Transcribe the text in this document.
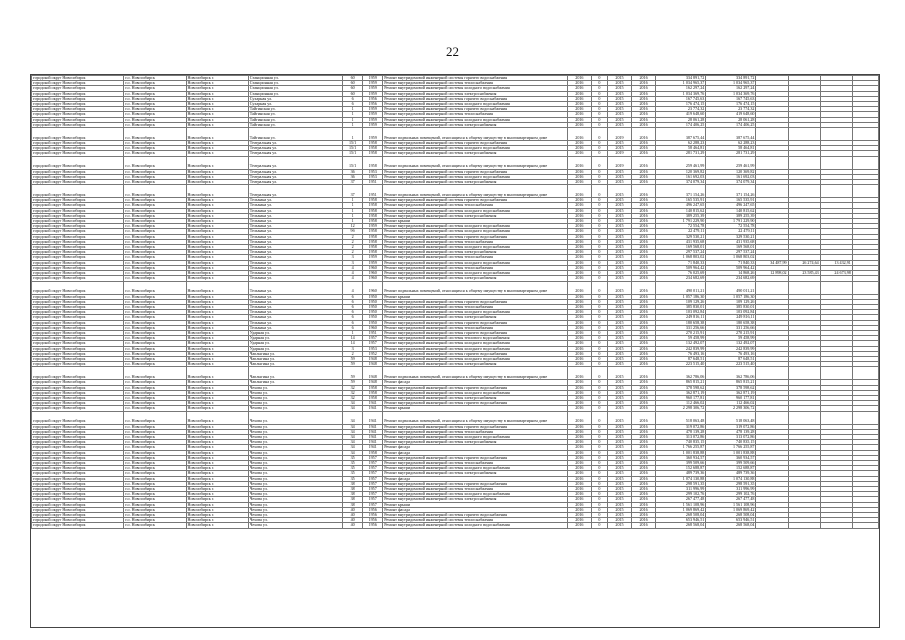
22
городской округ Новосибирск	г.о. Новосибирск	Новосибирск г.	Станционная ул.	60	1959	Ремонт внутридомовой инженерной системы горячего водоснабжения	2016	0	2015	2016	334 891,72	334 891,72				
городской округ Новосибирск	г.о. Новосибирск	Новосибирск г.	Станционная ул.	60	1959	Ремонт внутридомовой инженерной системы теплоснабжения	2016	0	2015	2016	1 034 965,37	1 034 965,37				
городской округ Новосибирск	г.о. Новосибирск	Новосибирск г.	Станционная ул.	60	1959	Ремонт внутридомовой инженерной системы холодного водоснабжения	2016	0	2015	2016	162 297,24	162 297,24				
городской округ Новосибирск	г.о. Новосибирск	Новосибирск г.	Станционная ул.	60	1959	Ремонт внутридомовой инженерной системы электроснабжения	2016	0	2015	2016	1 034 369,76	1 034 369,76				
городской округ Новосибирск	г.о. Новосибирск	Новосибирск г.	Сухарная ул.	6	1956	Ремонт внутридомовой инженерной системы горячего водоснабжения	2016	0	2015	2016	167 745,63	167 745,63				
городской округ Новосибирск	г.о. Новосибирск	Новосибирск г.	Сухарная ул.	6	1956	Ремонт внутридомовой инженерной системы холодного водоснабжения	2016	0	2015	2016	176 474,15	176 474,15				
городской округ Новосибирск	г.о. Новосибирск	Новосибирск г.	Тайгинская ул.	1	1959	Ремонт внутридомовой инженерной системы горячего водоснабжения	2016	0	2015	2016	23 774,32	23 774,32				
городской округ Новосибирск	г.о. Новосибирск	Новосибирск г.	Тайгинская ул.	1	1959	Ремонт внутридомовой инженерной системы теплоснабжения	2016	0	2015	2016	419 648,60	419 648,60				
городской округ Новосибирск	г.о. Новосибирск	Новосибирск г.	Тайгинская ул.	1	1959	Ремонт внутридомовой инженерной системы холодного водоснабжения	2016	0	2015	2016	28 061,28	28 061,28				
городской округ Новосибирск	г.о. Новосибирск	Новосибирск г.	Тайгинская ул.	1	1959	Ремонт внутридомовой инженерной системы электроснабжения	2016	0	2015	2016	174 406,25	174 406,25				
городской округ Новосибирск	г.о. Новосибирск	Новосибирск г.	Тайгинская ул.	1	1959	Ремонт подвальных помещений, относящихся к общему имуществу в многоквартирном доме	2016	0	2019	2016	387 675,44	387 675,44				
городской округ Новосибирск	г.о. Новосибирск	Новосибирск г.	Театральная ул.	15/1	1958	Ремонт внутридомовой инженерной системы горячего водоснабжения	2016	0	2015	2016	62 288,23	62 288,23				
городской округ Новосибирск	г.о. Новосибирск	Новосибирск г.	Театральная ул.	15/1	1958	Ремонт внутридомовой инженерной системы холодного водоснабжения	2016	0	2015	2016	58 464,81	58 464,81				
городской округ Новосибирск	г.о. Новосибирск	Новосибирск г.	Театральная ул.	15/1	1958	Ремонт внутридомовой инженерной системы электроснабжения	2016	0	2019	2016	281 731,29	281 731,29				
городской округ Новосибирск	г.о. Новосибирск	Новосибирск г.	Театральная ул.	15/1	1958	Ремонт подвальных помещений, относящихся к общему имуществу в многоквартирном доме	2016	0	2019	2016	259 461,99	259 461,99				
городской округ Новосибирск	г.о. Новосибирск	Новосибирск г.	Театральная ул.	36	1953	Ремонт внутридомовой инженерной системы горячего водоснабжения	2016	0	2015	2016	120 369,82	120 369,82				
городской округ Новосибирск	г.о. Новосибирск	Новосибирск г.	Театральная ул.	36	1953	Ремонт внутридомовой инженерной системы холодного водоснабжения	2016	0	2015	2016	161 692,03	161 692,03				
городской округ Новосибирск	г.о. Новосибирск	Новосибирск г.	Театральная ул.	37	1951	Ремонт внутридомовой инженерной системы электроснабжения	2016	0	2015	2016	374 079,34	374 079,34				
городской округ Новосибирск	г.о. Новосибирск	Новосибирск г.	Театральная ул.	37	1951	Ремонт подвальных помещений, относящихся к общему имуществу в многоквартирном доме	2016	0	2015	2016	371 154,26	371 154,26				
городской округ Новосибирск	г.о. Новосибирск	Новосибирск г.	Тельмана ул.	1	1958	Ремонт внутридомовой инженерной системы горячего водоснабжения	2016	0	2015	2016	165 535,91	165 535,91				
городской округ Новосибирск	г.о. Новосибирск	Новосибирск г.	Тельмана ул.	1	1958	Ремонт внутридомовой инженерной системы теплоснабжения	2016	0	2015	2016	496 247,65	496 247,65				
городской округ Новосибирск	г.о. Новосибирск	Новосибирск г.	Тельмана ул.	1	1958	Ремонт внутридомовой инженерной системы холодного водоснабжения	2016	0	2015	2016	140 815,62	140 815,62				
городской округ Новосибирск	г.о. Новосибирск	Новосибирск г.	Тельмана ул.	1	1958	Ремонт внутридомовой инженерной системы электроснабжения	2016	0	2015	2016	389 255,39	389 255,39				
городской округ Новосибирск	г.о. Новосибирск	Новосибирск г.	Тельмана ул.	1	1958	Ремонт крыши	2016	0	2015	2016	1 791 229,90	1 791 229,90				
городской округ Новосибирск	г.о. Новосибирск	Новосибирск г.	Тельмана ул.	12	1959	Ремонт внутридомовой инженерной системы холодного водоснабжения	2016	0	2015	2016	72 554,78	72 554,78				
городской округ Новосибирск	г.о. Новосибирск	Новосибирск г.	Тельмана ул.	9б	1958	Ремонт внутридомовой инженерной системы холодного водоснабжения	2016	0	2015	2016	22 479,11	22 479,11				
городской округ Новосибирск	г.о. Новосибирск	Новосибирск г.	Тельмана ул.	2	1958	Ремонт внутридомовой инженерной системы горячего водоснабжения	2016	0	2015	2016	329 530,21	329 530,21				
городской округ Новосибирск	г.о. Новосибирск	Новосибирск г.	Тельмана ул.	2	1958	Ремонт внутридомовой инженерной системы теплоснабжения	2016	0	2015	2016	431 935,68	431 935,68				
городской округ Новосибирск	г.о. Новосибирск	Новосибирск г.	Тельмана ул.	2	1958	Ремонт внутридомовой инженерной системы холодного водоснабжения	2016	0	2015	2016	169 568,01	169 568,01				
городской округ Новосибирск	г.о. Новосибирск	Новосибирск г.	Тельмана ул.	2	1958	Ремонт внутридомовой инженерной системы электроснабжения	2016	0	2015	2016	297 537,24	297 537,24				
городской округ Новосибирск	г.о. Новосибирск	Новосибирск г.	Тельмана ул.	3	1959	Ремонт внутридомовой инженерной системы теплоснабжения	2016	0	2015	2016	1 068 803,02	1 068 803,02				
городской округ Новосибирск	г.о. Новосибирск	Новосибирск г.	Тельмана ул.	3	1959	Ремонт внутридомовой инженерной системы холодного водоснабжения	2016	0	2015	2016	71 840,33	71 840,33	34 487,99	26 274,64	13 432,91	
городской округ Новосибирск	г.о. Новосибирск	Новосибирск г.	Тельмана ул.	4	1960	Ремонт внутридомовой инженерной системы теплоснабжения	2016	0	2015	2016	509 964,42	509 964,42				
городской округ Новосибирск	г.о. Новосибирск	Новосибирск г.	Тельмана ул.	4	1960	Ремонт внутридомовой инженерной системы холодного водоснабжения	2016	0	2015	2016	76 025,69	14 868,26	12 898,02	23 585,43	24 673,98	
городской округ Новосибирск	г.о. Новосибирск	Новосибирск г.	Тельмана ул.	4	1960	Ремонт внутридомовой инженерной системы электроснабжения	2016	0	2015	2016	234 682,69	234 682,69				
городской округ Новосибирск	г.о. Новосибирск	Новосибирск г.	Тельмана ул.	4	1960	Ремонт подвальных помещений, относящихся к общему имуществу в многоквартирном доме	2016	0	2015	2016	490 011,21	490 011,21				
городской округ Новосибирск	г.о. Новосибирск	Новосибирск г.	Тельмана ул.	6	1950	Ремонт крыши	2016	0	2015	2016	1 057 186,30	1 057 186,30				
городской округ Новосибирск	г.о. Новосибирск	Новосибирск г.	Тельмана ул.	6	1950	Ремонт внутридомовой инженерной системы горячего водоснабжения	2016	0	2015	2016	109 129,26	109 129,26				
городской округ Новосибирск	г.о. Новосибирск	Новосибирск г.	Тельмана ул.	6	1950	Ремонт внутридомовой инженерной системы теплоснабжения	2016	0	2015	2016	385 830,01	385 830,01				
городской округ Новосибирск	г.о. Новосибирск	Новосибирск г.	Тельмана ул.	6	1950	Ремонт внутридомовой инженерной системы холодного водоснабжения	2016	0	2015	2016	103 092,84	103 092,84				
городской округ Новосибирск	г.о. Новосибирск	Новосибирск г.	Тельмана ул.	6	1950	Ремонт внутридомовой инженерной системы электроснабжения	2016	0	2015	2016	249 816,11	249 816,11				
городской округ Новосибирск	г.о. Новосибирск	Новосибирск г.	Тельмана ул.	6	1950	Ремонт внутридомовой инженерной системы горячего водоснабжения	2016	0	2015	2016	180 658,38	180 658,38				
городской округ Новосибирск	г.о. Новосибирск	Новосибирск г.	Тельмана ул.	6	1960	Ремонт внутридомовой инженерной системы теплоснабжения	2016	0	2015	2016	331 256,66	331 256,66				
городской округ Новосибирск	г.о. Новосибирск	Новосибирск г.	Ударная ул.	1	1951	Ремонт внутридомовой инженерной системы горячего водоснабжения	2016	0	2015	2016	270 215,91	270 215,91				
городской округ Новосибирск	г.о. Новосибирск	Новосибирск г.	Ударная ул.	14	1957	Ремонт внутридомовой инженерной системы теплового водоснабжения	2016	0	2015	2016	59 458,99	59 458,99				
городской округ Новосибирск	г.о. Новосибирск	Новосибирск г.	Ударная ул.	14	1957	Ремонт внутридомовой инженерной системы холодного водоснабжения	2016	0	2015	2016	132 492,07	132 492,07				
городской округ Новосибирск	г.о. Новосибирск	Новосибирск г.	Ударная ул.	3	1953	Ремонт внутридомовой инженерной системы холодного водоснабжения	2016	0	2015	2016	242 839,99	242 839,99				
городской округ Новосибирск	г.о. Новосибирск	Новосибирск г.	Чаплыгина ул.	2	1952	Ремонт внутридомовой инженерной системы горячего водоснабжения	2016	0	2015	2016	76 493,16	76 493,16				
городской округ Новосибирск	г.о. Новосибирск	Новосибирск г.	Чаплыгина ул.	59	1948	Ремонт внутридомовой инженерной системы холодного водоснабжения	2016	0	2015	2016	87 648,51	87 648,51				
городской округ Новосибирск	г.о. Новосибирск	Новосибирск г.	Чаплыгина ул.	59	1948	Ремонт внутридомовой инженерной системы электроснабжения	2016	0	2015	2016	223 515,40	223 515,40				
городской округ Новосибирск	г.о. Новосибирск	Новосибирск г.	Чаплыгина ул.	59	1948	Ремонт подвальных помещений, относящихся к общему имуществу в многоквартирном доме	2016	0	2015	2016	362 786,06	362 786,06				
городской округ Новосибирск	г.о. Новосибирск	Новосибирск г.	Чаплыгина ул.	59	1948	Ремонт фасада	2016	0	2015	2016	865 815,21	865 815,21				
городской округ Новосибирск	г.о. Новосибирск	Новосибирск г.	Чехова ул.	32	1958	Ремонт внутридомовой инженерной системы горячего водоснабжения	2016	0	2015	2016	378 598,62	378 598,62				
городской округ Новосибирск	г.о. Новосибирск	Новосибирск г.	Чехова ул.	32	1958	Ремонт внутридомовой инженерной системы холодного водоснабжения	2016	0	2015	2016	362 871,19	362 871,19				
городской округ Новосибирск	г.о. Новосибирск	Новосибирск г.	Чехова ул.	32	1958	Ремонт внутридомовой инженерной системы электроснабжения	2016	0	2015	2016	960 177,81	960 177,81				
городской округ Новосибирск	г.о. Новосибирск	Новосибирск г.	Чехова ул.	34	1941	Ремонт внутридомовой инженерной системы горячего водоснабжения	2016	0	2015	2016	112 466,02	112 466,02				
городской округ Новосибирск	г.о. Новосибирск	Новосибирск г.	Чехова ул.	34	1941	Ремонт крыши	2016	0	2015	2016	2 298 306,72	2 298 306,72				
городской округ Новосибирск	г.о. Новосибирск	Новосибирск г.	Чехова ул.	34	1941	Ремонт подвальных помещений, относящихся к общему имуществу в многоквартирном доме	2016	0	2015	2016	518 063,48	518 063,48				
городской округ Новосибирск	г.о. Новосибирск	Новосибирск г.	Чехова ул.	34	1941	Ремонт внутридомовой инженерной системы горячего водоснабжения	2016	0	2015	2016	319 072,86	319 072,86				
городской округ Новосибирск	г.о. Новосибирск	Новосибирск г.	Чехова ул.	34	1941	Ремонт внутридомовой инженерной системы теплоснабжения	2016	0	2015	2016	478 139,28	478 139,28				
городской округ Новосибирск	г.о. Новосибирск	Новосибирск г.	Чехова ул.	34	1941	Ремонт внутридомовой инженерной системы холодного водоснабжения	2016	0	2015	2016	313 072,86	313 072,86				
городской округ Новосибирск	г.о. Новосибирск	Новосибирск г.	Чехова ул.	34	1941	Ремонт внутридомовой инженерной системы электроснабжения	2016	0	2015	2016	740 835,15	740 835,15				
городской округ Новосибирск	г.о. Новосибирск	Новосибирск г.	Чехова ул.	34	1941	Ремонт фасада	2016	0	2015	2016	1 766 255,87	1 766 255,87				
городской округ Новосибирск	г.о. Новосибирск	Новосибирск г.	Чехова ул.	34	1958	Ремонт фасада	2016	0	2015	2016	1 001 838,88	1 001 838,88				
городской округ Новосибирск	г.о. Новосибирск	Новосибирск г.	Чехова ул.	35	1957	Ремонт внутридомовой инженерной системы горячего водоснабжения	2016	0	2015	2016	360 934,57	360 934,57				
городской округ Новосибирск	г.о. Новосибирск	Новосибирск г.	Чехова ул.	35	1957	Ремонт внутридомовой инженерной системы теплоснабжения	2016	0	2015	2016	399 509,66	399 509,66				
городской округ Новосибирск	г.о. Новосибирск	Новосибирск г.	Чехова ул.	35	1957	Ремонт внутридомовой инженерной системы холодного водоснабжения	2016	0	2015	2016	152 688,87	152 688,87				
городской округ Новосибирск	г.о. Новосибирск	Новосибирск г.	Чехова ул.	35	1957	Ремонт внутридомовой инженерной системы электроснабжения	2016	0	2015	2016	489 739,36	489 739,36				
городской округ Новосибирск	г.о. Новосибирск	Новосибирск г.	Чехова ул.	35	1957	Ремонт фасада	2016	0	2015	2016	1 074 130,88	1 074 130,88				
городской округ Новосибирск	г.о. Новосибирск	Новосибирск г.	Чехова ул.	38	1957	Ремонт внутридомовой инженерной системы горячего водоснабжения	2016	0	2015	2016	298 591,35	298 591,35				
городской округ Новосибирск	г.о. Новосибирск	Новосибирск г.	Чехова ул.	38	1957	Ремонт внутридомовой инженерной системы теплоснабжения	2016	0	2015	2016	311 996,99	311 996,99				
городской округ Новосибирск	г.о. Новосибирск	Новосибирск г.	Чехова ул.	38	1957	Ремонт внутридомовой инженерной системы холодного водоснабжения	2016	0	2015	2016	299 102,76	299 102,76				
городской округ Новосибирск	г.о. Новосибирск	Новосибирск г.	Чехова ул.	38	1957	Ремонт внутридомовой инженерной системы электроснабжения	2016	0	2015	2016	267 477,48	267 477,48				
городской округ Новосибирск	г.о. Новосибирск	Новосибирск г.	Чехова ул.	38	1957	Ремонт крыши	2016	0	2015	2016	1 561 108,96	1 561 108,96				
городской округ Новосибирск	г.о. Новосибирск	Новосибирск г.	Чехова ул.	40	1956	Ремонт фасада	2016	0	2015	2016	1 069 869,42	1 069 869,42				
городской округ Новосибирск	г.о. Новосибирск	Новосибирск г.	Чехова ул.	40	1956	Ремонт внутридомовой инженерной системы горячего водоснабжения	2016	0	2015	2016	268 508,04	268 508,04				
городской округ Новосибирск	г.о. Новосибирск	Новосибирск г.	Чехова ул.	40	1956	Ремонт внутридомовой инженерной системы теплоснабжения	2016	0	2015	2016	653 946,51	653 946,51				
городской округ Новосибирск	г.о. Новосибирск	Новосибирск г.	Чехова ул.	40	1956	Ремонт внутридомовой инженерной системы холодного водоснабжения	2016	0	2015	2016	268 568,04	268 568,04				
